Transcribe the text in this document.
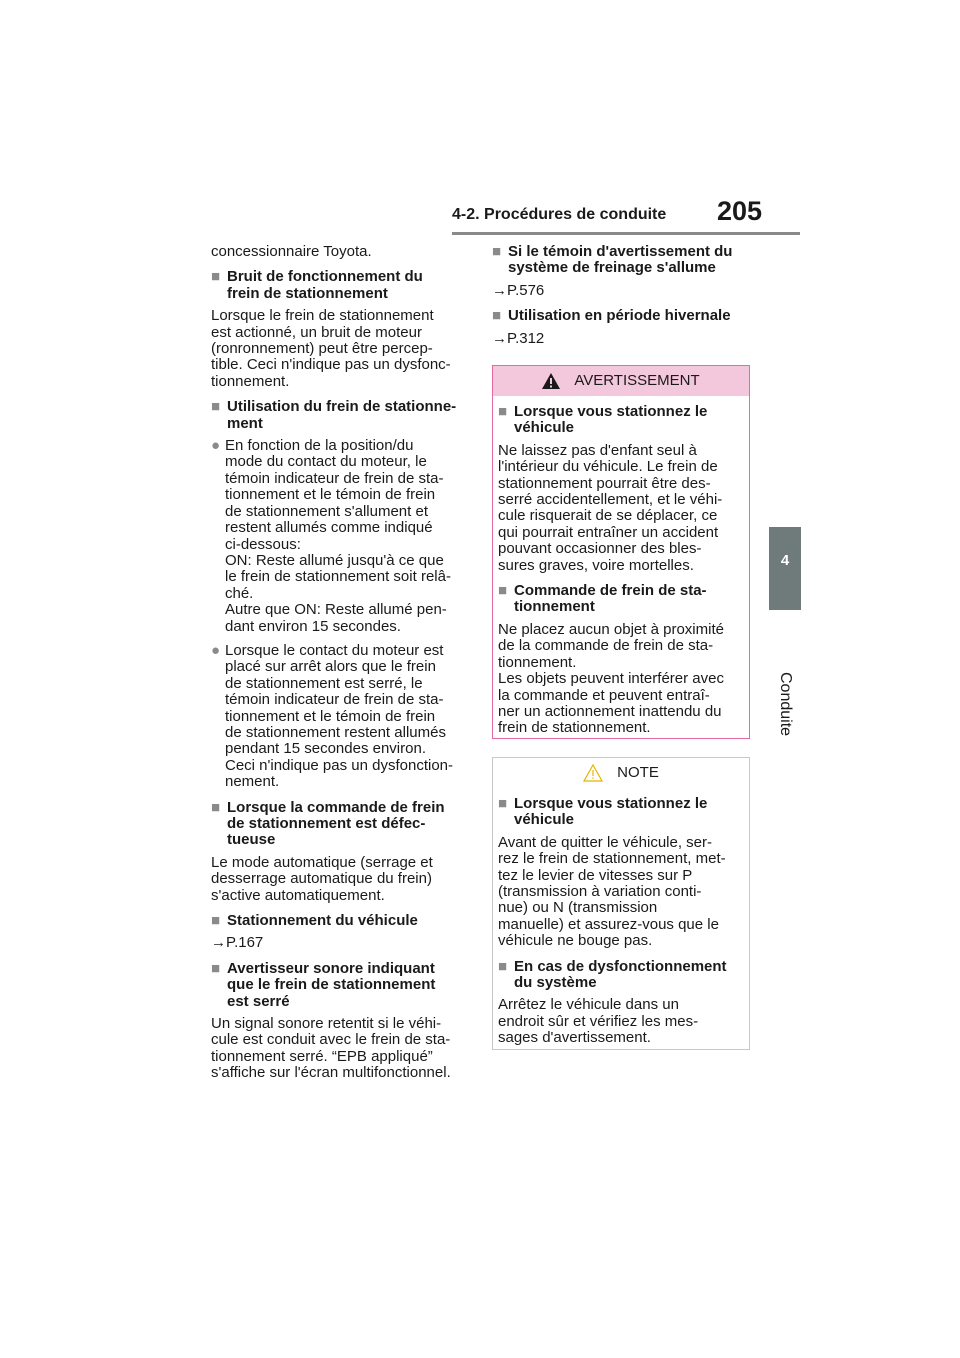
4-2. Procédures de conduite 205
4
Conduite
concessionnaire Toyota.
■ Bruit de fonctionnement du
frein de stationnement
Lorsque le frein de stationnement
est actionné, un bruit de moteur
(ronronnement) peut être percep-
tible. Ceci n'indique pas un dysfonc-
tionnement.
■ Utilisation du frein de stationne-
ment
● En fonction de la position/du
mode du contact du moteur, le
témoin indicateur de frein de sta-
tionnement et le témoin de frein
de stationnement s'allument et
restent allumés comme indiqué
ci-dessous:
ON: Reste allumé jusqu'à ce que
le frein de stationnement soit relâ-
ché.
Autre que ON: Reste allumé pen-
dant environ 15 secondes.
● Lorsque le contact du moteur est
placé sur arrêt alors que le frein
de stationnement est serré, le
témoin indicateur de frein de sta-
tionnement et le témoin de frein
de stationnement restent allumés
pendant 15 secondes environ.
Ceci n'indique pas un dysfonction-
nement.
■ Lorsque la commande de frein
de stationnement est défec-
tueuse
Le mode automatique (serrage et
desserrage automatique du frein)
s'active automatiquement.
■ Stationnement du véhicule
→P.167
■ Avertisseur sonore indiquant
que le frein de stationnement
est serré
Un signal sonore retentit si le véhi-
cule est conduit avec le frein de sta-
tionnement serré. “EPB appliqué”
s'affiche sur l'écran multifonctionnel.
■ Si le témoin d'avertissement du
système de freinage s'allume
→P.576
■ Utilisation en période hivernale
→P.312
AVERTISSEMENT
■ Lorsque vous stationnez le
véhicule
Ne laissez pas d'enfant seul à
l'intérieur du véhicule. Le frein de
stationnement pourrait être des-
serré accidentellement, et le véhi-
cule risquerait de se déplacer, ce
qui pourrait entraîner un accident
pouvant occasionner des bles-
sures graves, voire mortelles.
■ Commande de frein de sta-
tionnement
Ne placez aucun objet à proximité
de la commande de frein de sta-
tionnement.
Les objets peuvent interférer avec
la commande et peuvent entraî-
ner un actionnement inattendu du
frein de stationnement.
NOTE
■ Lorsque vous stationnez le
véhicule
Avant de quitter le véhicule, ser-
rez le frein de stationnement, met-
tez le levier de vitesses sur P
(transmission à variation conti-
nue) ou N (transmission
manuelle) et assurez-vous que le
véhicule ne bouge pas.
■ En cas de dysfonctionnement
du système
Arrêtez le véhicule dans un
endroit sûr et vérifiez les mes-
sages d'avertissement.
